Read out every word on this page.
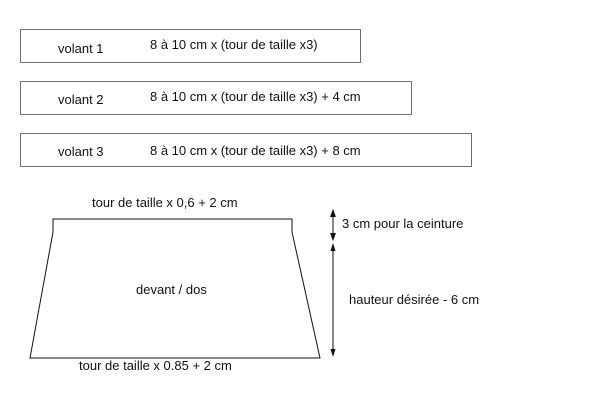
volant 1	8 à 10 cm x (tour de taille x3)
volant 2	8 à 10 cm x (tour de taille x3) + 4 cm
volant 3	8 à 10 cm x (tour de taille x3) + 8 cm
tour de taille x 0,6 + 2 cm
devant / dos
tour de taille x 0.85 + 2 cm
3 cm pour la ceinture
hauteur désirée - 6 cm
